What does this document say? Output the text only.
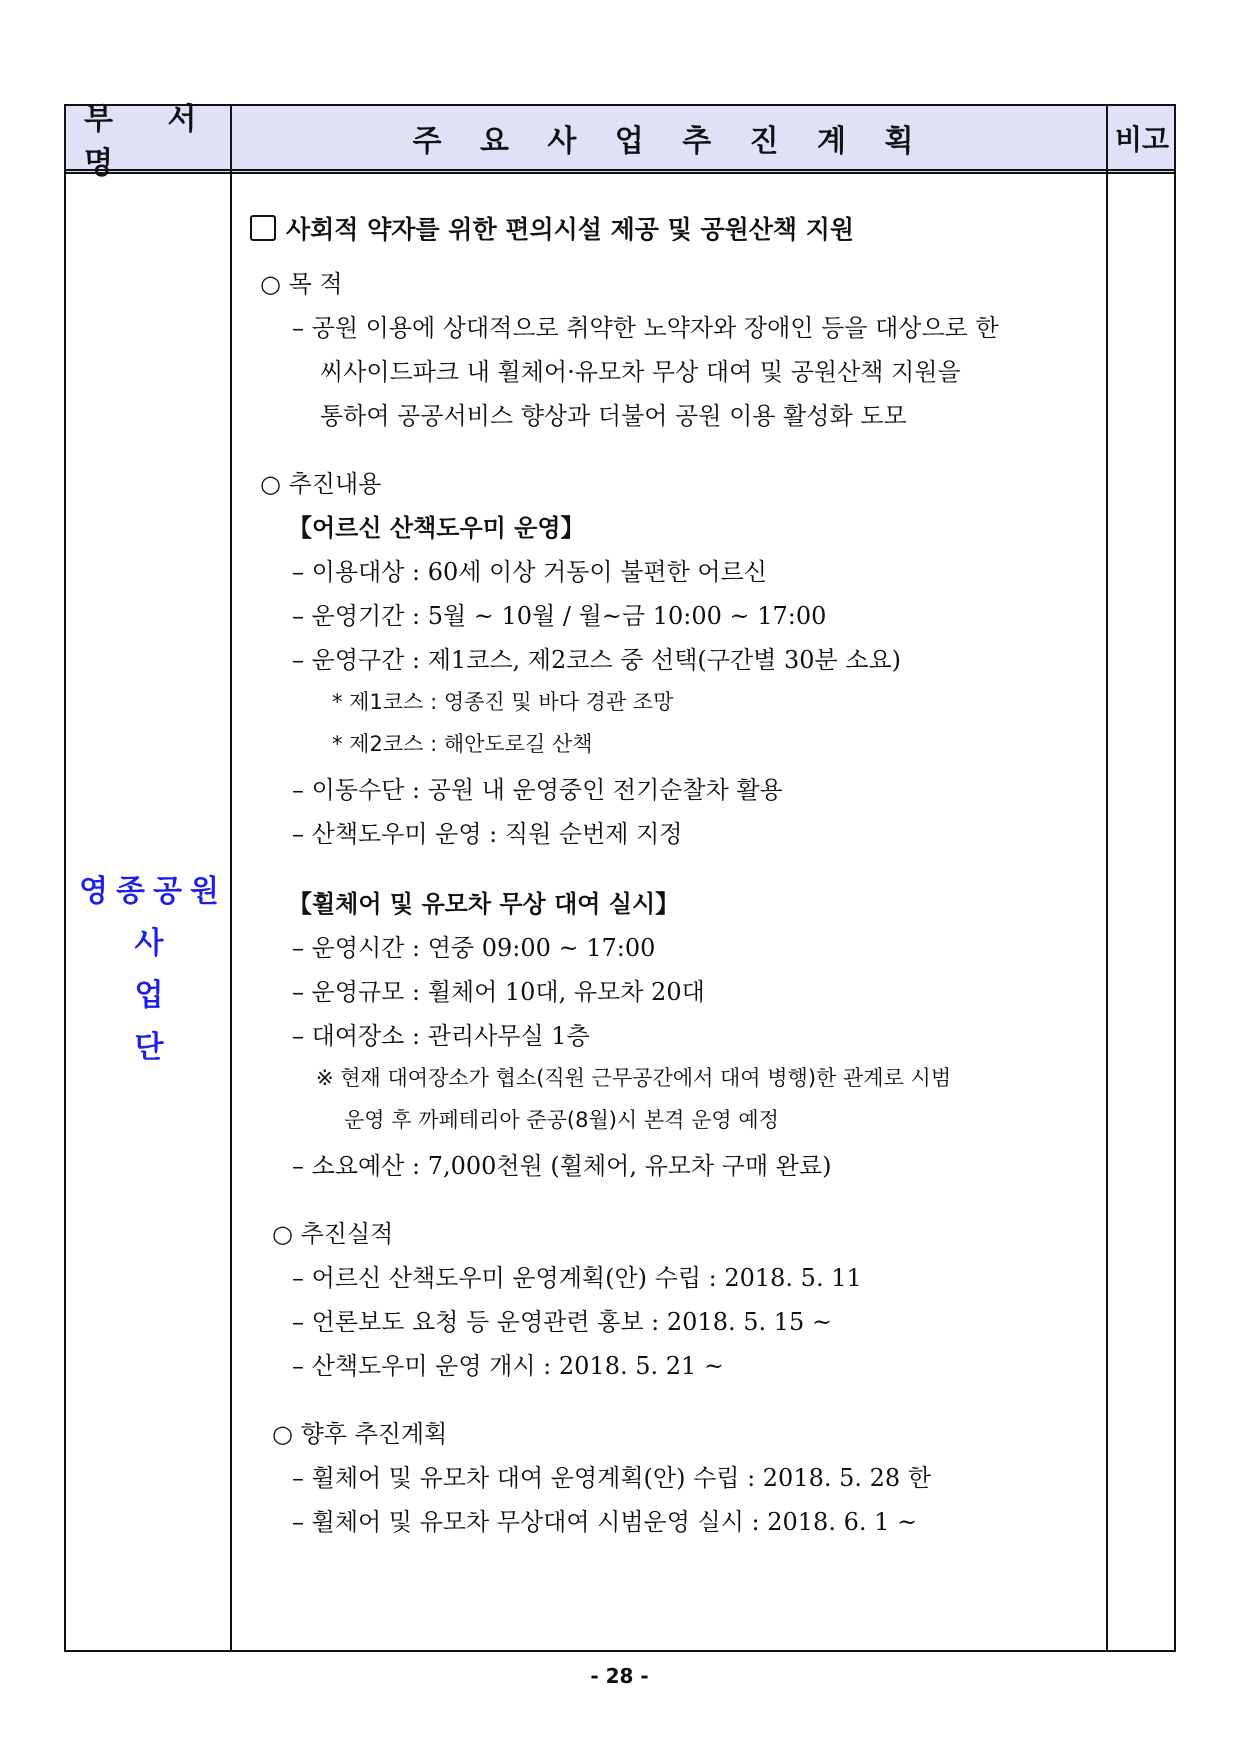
부 서 명
주 요 사 업 추 진 계 획	비고
영종공원
사 업 단
사회적 약자를 위한 편의시설 제공 및 공원산책 지원
○ 목 적
– 공원 이용에 상대적으로 취약한 노약자와 장애인 등을 대상으로 한
씨사이드파크 내 휠체어·유모차 무상 대여 및 공원산책 지원을
통하여 공공서비스 향상과 더불어 공원 이용 활성화 도모
○ 추진내용
【어르신 산책도우미 운영】
– 이용대상 : 60세 이상 거동이 불편한 어르신
– 운영기간 : 5월 ~ 10월 / 월~금 10:00 ~ 17:00
– 운영구간 : 제1코스, 제2코스 중 선택(구간별 30분 소요)
* 제1코스 : 영종진 및 바다 경관 조망
* 제2코스 : 해안도로길 산책
– 이동수단 : 공원 내 운영중인 전기순찰차 활용
– 산책도우미 운영 : 직원 순번제 지정
【휠체어 및 유모차 무상 대여 실시】
– 운영시간 : 연중 09:00 ~ 17:00
– 운영규모 : 휠체어 10대, 유모차 20대
– 대여장소 : 관리사무실 1층
※ 현재 대여장소가 협소(직원 근무공간에서 대여 병행)한 관계로 시범
운영 후 까페테리아 준공(8월)시 본격 운영 예정
– 소요예산 : 7,000천원 (휠체어, 유모차 구매 완료)
○ 추진실적
– 어르신 산책도우미 운영계획(안) 수립 : 2018. 5. 11
– 언론보도 요청 등 운영관련 홍보 : 2018. 5. 15 ~
– 산책도우미 운영 개시 : 2018. 5. 21 ~
○ 향후 추진계획
– 휠체어 및 유모차 대여 운영계획(안) 수립 : 2018. 5. 28 한
– 휠체어 및 유모차 무상대여 시범운영 실시 : 2018. 6. 1 ~
- 28 -
